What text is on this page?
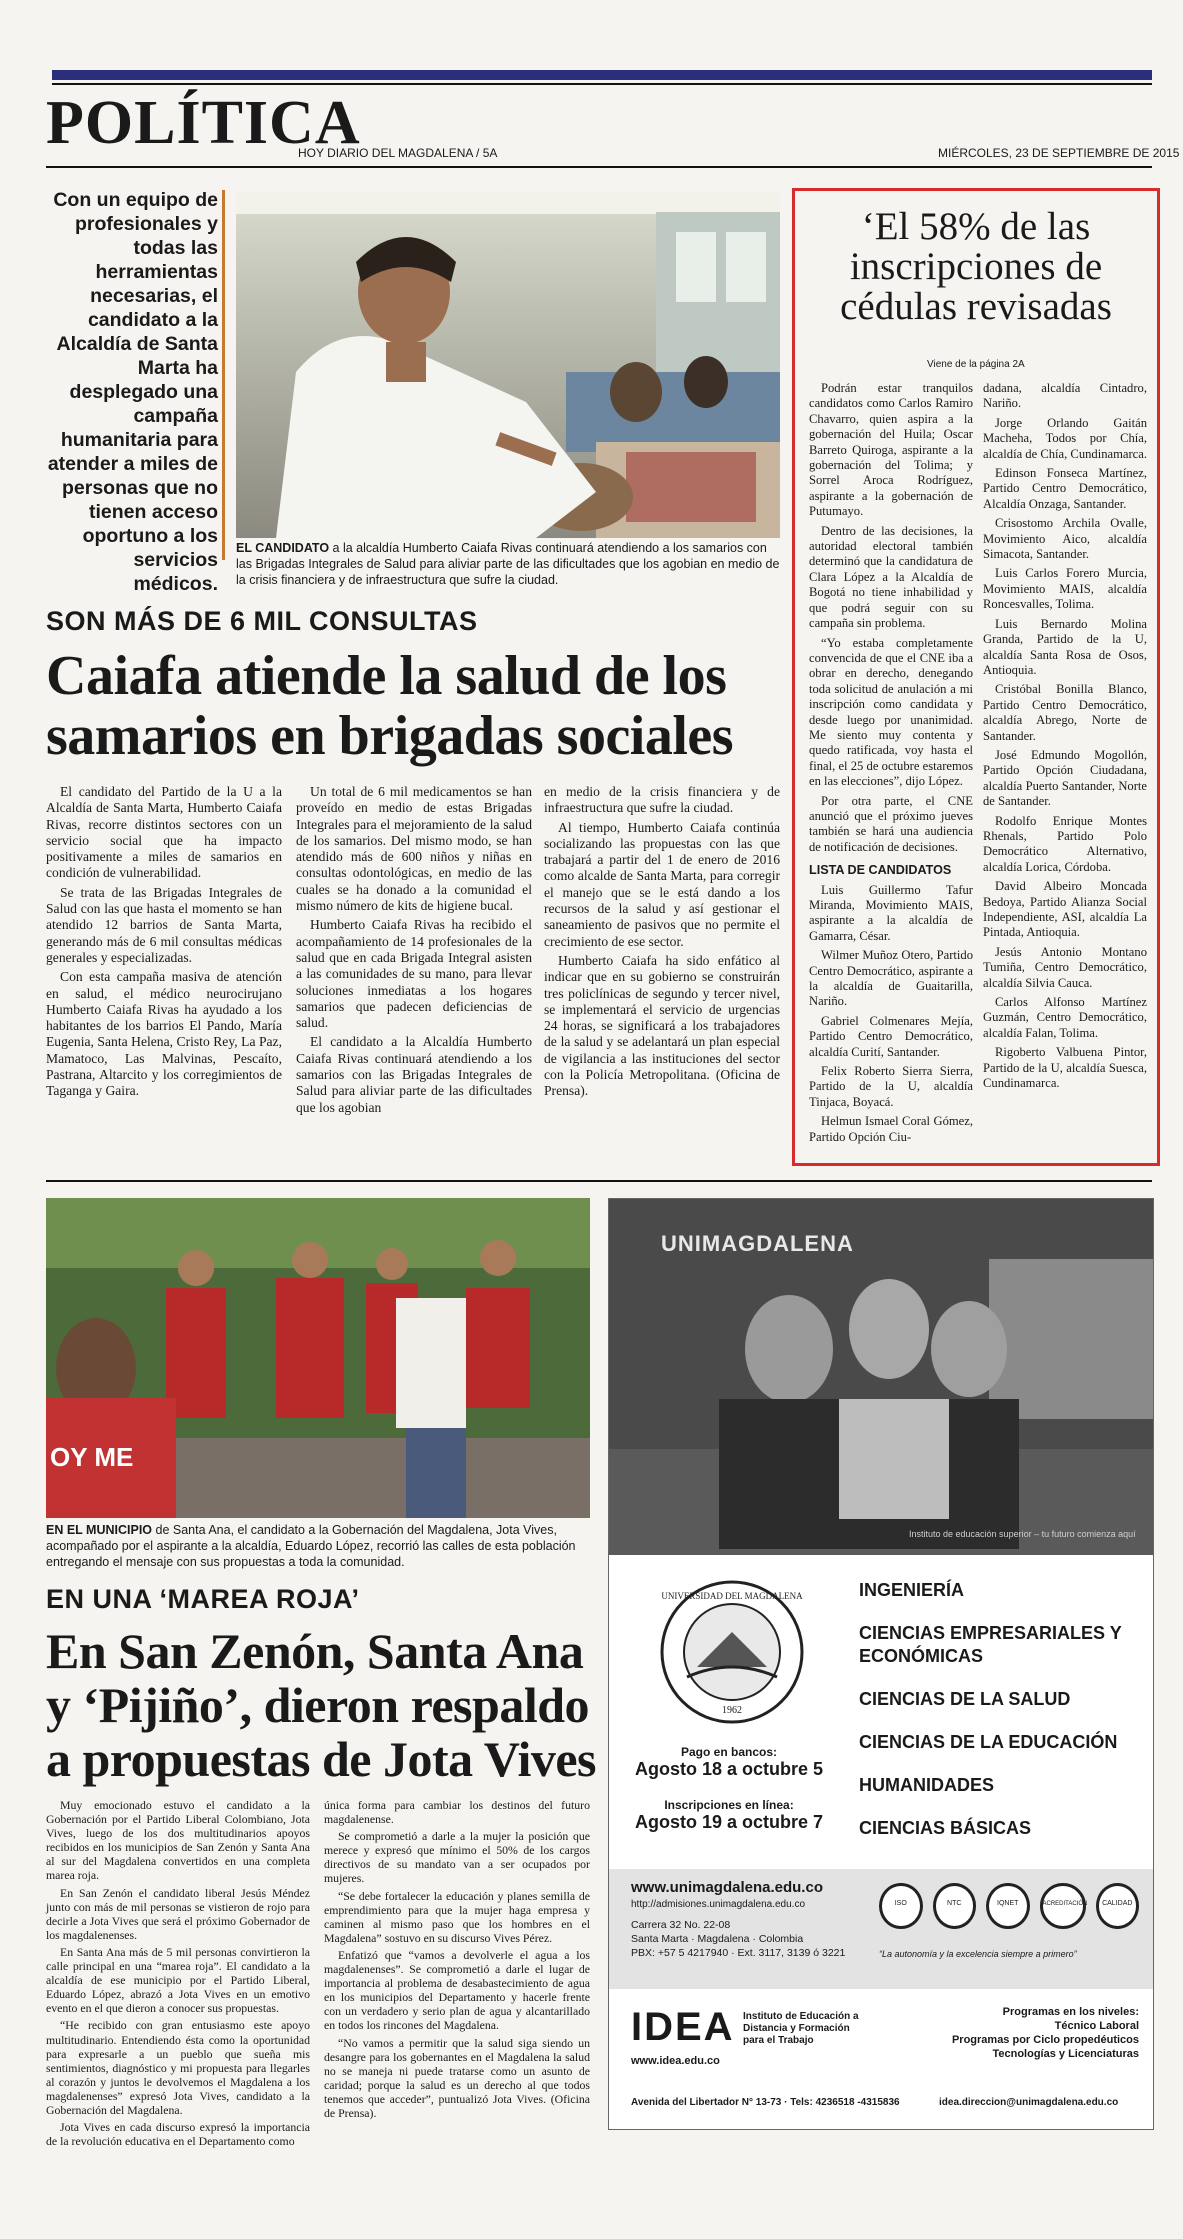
POLÍTICA
HOY DIARIO DEL MAGDALENA / 5A	MIÉRCOLES, 23 DE SEPTIEMBRE DE 2015
Con un equipo de profesionales y todas las herramientas necesarias, el candidato a la Alcaldía de Santa Marta ha desplegado una campaña humanitaria para atender a miles de personas que no tienen acceso oportuno a los servicios médicos.
EL CANDIDATO a la alcaldía Humberto Caiafa Rivas continuará atendiendo a los samarios con las Brigadas Integrales de Salud para aliviar parte de las dificultades que los agobian en medio de la crisis financiera y de infraestructura que sufre la ciudad.
SON MÁS DE 6 MIL CONSULTAS
Caiafa atiende la salud de los samarios en brigadas sociales

El candidato del Partido de la U a la Alcaldía de Santa Marta, Humberto Caiafa Rivas, recorre distintos sectores con un servicio social que ha impacto positivamente a miles de samarios en condición de vulnerabilidad.

Se trata de las Brigadas Integrales de Salud con las que hasta el momento se han atendido 12 barrios de Santa Marta, generando más de 6 mil consultas médicas generales y especializadas.

Con esta campaña masiva de atención en salud, el médico neurocirujano Humberto Caiafa Rivas ha ayudado a los habitantes de los barrios El Pando, María Eugenia, Santa Helena, Cristo Rey, La Paz, Mamatoco, Las Malvinas, Pescaíto, Pastrana, Altarcito y los corregimientos de Taganga y Gaira.

Un total de 6 mil medicamentos se han proveído en medio de estas Brigadas Integrales para el mejoramiento de la salud de los samarios. Del mismo modo, se han atendido más de 600 niños y niñas en consultas odontológicas, en medio de las cuales se ha donado a la comunidad el mismo número de kits de higiene bucal.

Humberto Caiafa Rivas ha recibido el acompañamiento de 14 profesionales de la salud que en cada Brigada Integral asisten a las comunidades de su mano, para llevar soluciones inmediatas a los hogares samarios que padecen deficiencias de salud.

El candidato a la Alcaldía Humberto Caiafa Rivas continuará atendiendo a los samarios con las Brigadas Integrales de Salud para aliviar parte de las dificultades que los agobian

en medio de la crisis financiera y de infraestructura que sufre la ciudad.

Al tiempo, Humberto Caiafa continúa socializando las propuestas con las que trabajará a partir del 1 de enero de 2016 como alcalde de Santa Marta, para corregir el manejo que se le está dando a los recursos de la salud y así gestionar el saneamiento de pasivos que no permite el crecimiento de ese sector.

Humberto Caiafa ha sido enfático al indicar que en su gobierno se construirán tres policlínicas de segundo y tercer nivel, se implementará el servicio de urgencias 24 horas, se significará a los trabajadores de la salud y se adelantará un plan especial de vigilancia a las instituciones del sector con la Policía Metropolitana. (Oficina de Prensa).

‘El 58% de las inscripciones de cédulas revisadas
Viene de la página 2A

Podrán estar tranquilos candidatos como Carlos Ramiro Chavarro, quien aspira a la gobernación del Huila; Oscar Barreto Quiroga, aspirante a la gobernación del Tolima; y Sorrel Aroca Rodríguez, aspirante a la gobernación de Putumayo.

Dentro de las decisiones, la autoridad electoral también determinó que la candidatura de Clara López a la Alcaldía de Bogotá no tiene inhabilidad y que podrá seguir con su campaña sin problema.

“Yo estaba completamente convencida de que el CNE iba a obrar en derecho, denegando toda solicitud de anulación a mi inscripción como candidata y desde luego por unanimidad. Me siento muy contenta y quedo ratificada, voy hasta el final, el 25 de octubre estaremos en las elecciones”, dijo López.

Por otra parte, el CNE anunció que el próximo jueves también se hará una audiencia de notificación de decisiones.

LISTA DE CANDIDATOS

Luis Guillermo Tafur Miranda, Movimiento MAIS, aspirante a la alcaldía de Gamarra, César.

Wilmer Muñoz Otero, Partido Centro Democrático, aspirante a la alcaldía de Guaitarilla, Nariño.

Gabriel Colmenares Mejía, Partido Centro Democrático, alcaldía Curití, Santander.

Felix Roberto Sierra Sierra, Partido de la U, alcaldía Tinjaca, Boyacá.

Helmun Ismael Coral Gómez, Partido Opción Ciu-

dadana, alcaldía Cintadro, Nariño.

Jorge Orlando Gaitán Macheha, Todos por Chía, alcaldía de Chía, Cundinamarca.

Edinson Fonseca Martínez, Partido Centro Democrático, Alcaldía Onzaga, Santander.

Crisostomo Archila Ovalle, Movimiento Aico, alcaldía Simacota, Santander.

Luis Carlos Forero Murcia, Movimiento MAIS, alcaldía Roncesvalles, Tolima.

Luis Bernardo Molina Granda, Partido de la U, alcaldía Santa Rosa de Osos, Antioquia.

Cristóbal Bonilla Blanco, Partido Centro Democrático, alcaldía Abrego, Norte de Santander.

José Edmundo Mogollón, Partido Opción Ciudadana, alcaldía Puerto Santander, Norte de Santander.

Rodolfo Enrique Montes Rhenals, Partido Polo Democrático Alternativo, alcaldía Lorica, Córdoba.

David Albeiro Moncada Bedoya, Partido Alianza Social Independiente, ASI, alcaldía La Pintada, Antioquia.

Jesús Antonio Montano Tumiña, Centro Democrático, alcaldía Silvia Cauca.

Carlos Alfonso Martínez Guzmán, Centro Democrático, alcaldía Falan, Tolima.

Rigoberto Valbuena Pintor, Partido de la U, alcaldía Suesca, Cundinamarca.

OY ME
EN EL MUNICIPIO de Santa Ana, el candidato a la Gobernación del Magdalena, Jota Vives, acompañado por el aspirante a la alcaldía, Eduardo López, recorrió las calles de esta población entregando el mensaje con sus propuestas a toda la comunidad.
EN UNA ‘MAREA ROJA’
En San Zenón, Santa Ana y ‘Pijiño’, dieron respaldo a propuestas de Jota Vives

Muy emocionado estuvo el candidato a la Gobernación por el Partido Liberal Colombiano, Jota Vives, luego de los dos multitudinarios apoyos recibidos en los municipios de San Zenón y Santa Ana al sur del Magdalena convertidos en una completa marea roja.

En San Zenón el candidato liberal Jesús Méndez junto con más de mil personas se vistieron de rojo para decirle a Jota Vives que será el próximo Gobernador de los magdalenenses.

En Santa Ana más de 5 mil personas convirtieron la calle principal en una “marea roja”. El candidato a la alcaldía de ese municipio por el Partido Liberal, Eduardo López, abrazó a Jota Vives en un emotivo evento en el que dieron a conocer sus propuestas.

“He recibido con gran entusiasmo este apoyo multitudinario. Entendiendo ésta como la oportunidad para expresarle a un pueblo que sueña mis sentimientos, diagnóstico y mi propuesta para llegarles al corazón y juntos le devolvemos el Magdalena a los magdalenenses” expresó Jota Vives, candidato a la Gobernación del Magdalena.

Jota Vives en cada discurso expresó la importancia de la revolución educativa en el Departamento como

única forma para cambiar los destinos del futuro magdalenense.

Se comprometió a darle a la mujer la posición que merece y expresó que mínimo el 50% de los cargos directivos de su mandato van a ser ocupados por mujeres.

“Se debe fortalecer la educación y planes semilla de emprendimiento para que la mujer haga empresa y caminen al mismo paso que los hombres en el Magdalena” sostuvo en su discurso Vives Pérez.

Enfatizó que “vamos a devolverle el agua a los magdalenenses”. Se comprometió a darle el lugar de importancia al problema de desabastecimiento de agua en los municipios del Departamento y hacerle frente con un verdadero y serio plan de agua y alcantarillado en todos los rincones del Magdalena.

“No vamos a permitir que la salud siga siendo un desangre para los gobernantes en el Magdalena la salud no se maneja ni puede tratarse como un asunto de caridad; porque la salud es un derecho al que todos tenemos que acceder”, puntualizó Jota Vives. (Oficina de Prensa).

UNIMAGDALENA
Instituto de educación superior – tu futuro comienza aquí
UNIVERSIDAD DEL MAGDALENA
1962
INGENIERÍA
CIENCIAS EMPRESARIALES Y ECONÓMICAS
CIENCIAS DE LA SALUD
CIENCIAS DE LA EDUCACIÓN
HUMANIDADES
CIENCIAS BÁSICAS
Pago en bancos:
Agosto 18 a octubre 5
Inscripciones en línea:
Agosto 19 a octubre 7
www.unimagdalena.edu.co
http://admisiones.unimagdalena.edu.co
Carrera 32 No. 22-08
Santa Marta · Magdalena · Colombia
PBX: +57 5 4217940 · Ext. 3117, 3139 ó 3221
ISO	NTC	IQNET	ACREDITACIÓN	CALIDAD
“La autonomía y la excelencia siempre a primero”
IDEA Instituto de Educación a Distancia y Formación para el Trabajo
www.idea.edu.co
Programas en los niveles:
Técnico Laboral
Programas por Ciclo propedéuticos
Tecnologías y Licenciaturas
Avenida del Libertador N° 13-73 · Tels: 4236518 -4315836	idea.direccion@unimagdalena.edu.co
